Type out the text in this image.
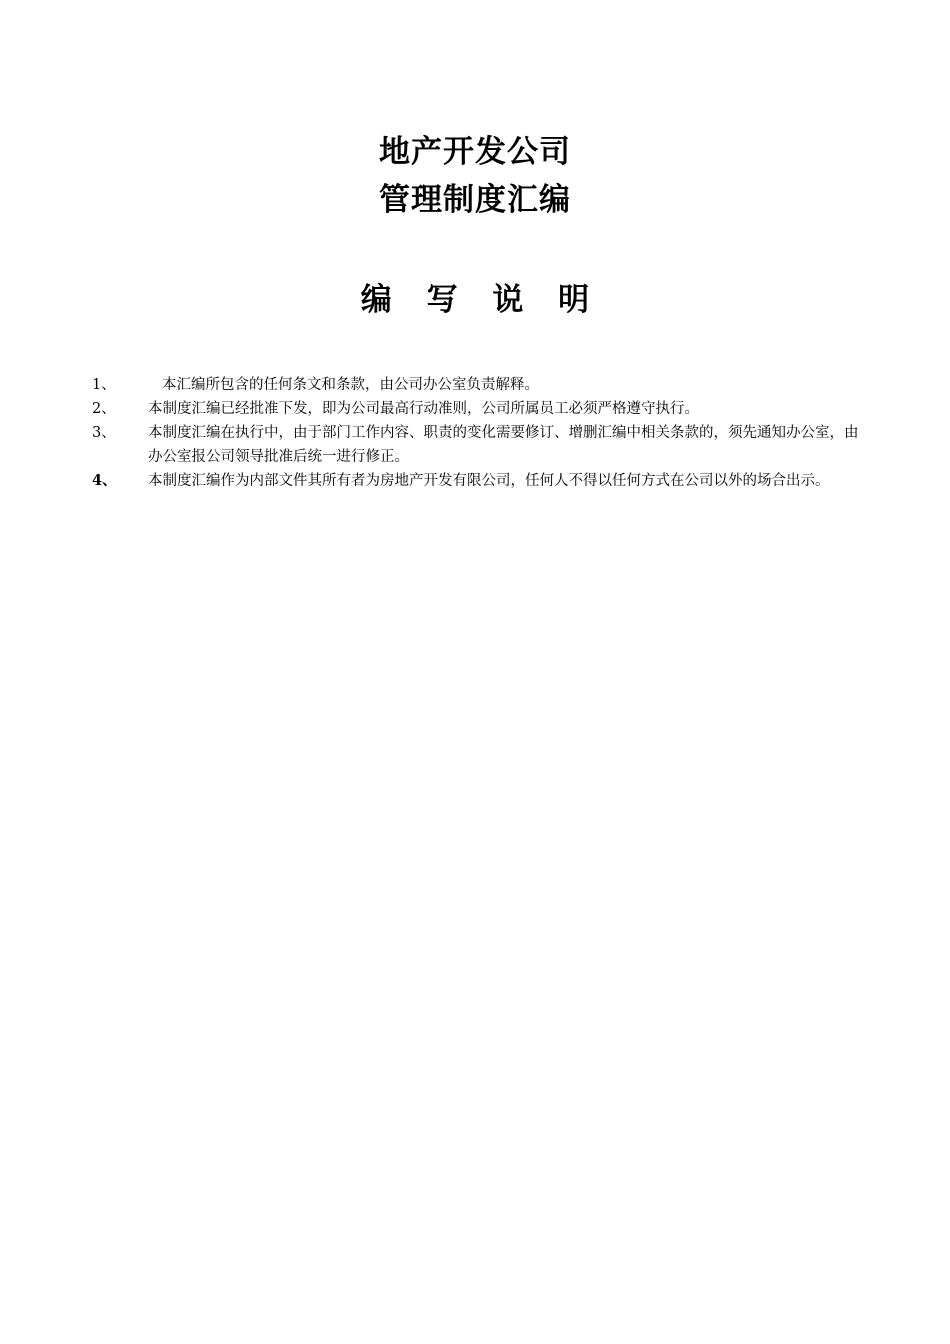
地产开发公司
管理制度汇编
编 写 说 明
1、	本汇编所包含的任何条文和条款，由公司办公室负责解释。
2、	本制度汇编已经批准下发，即为公司最高行动准则，公司所属员工必须严格遵守执行。
3、	本制度汇编在执行中，由于部门工作内容、职责的变化需要修订、增删汇编中相关条款的，须先通知办公室，由办公室报公司领导批准后统一进行修正。
4、	本制度汇编作为内部文件其所有者为房地产开发有限公司，任何人不得以任何方式在公司以外的场合出示。
